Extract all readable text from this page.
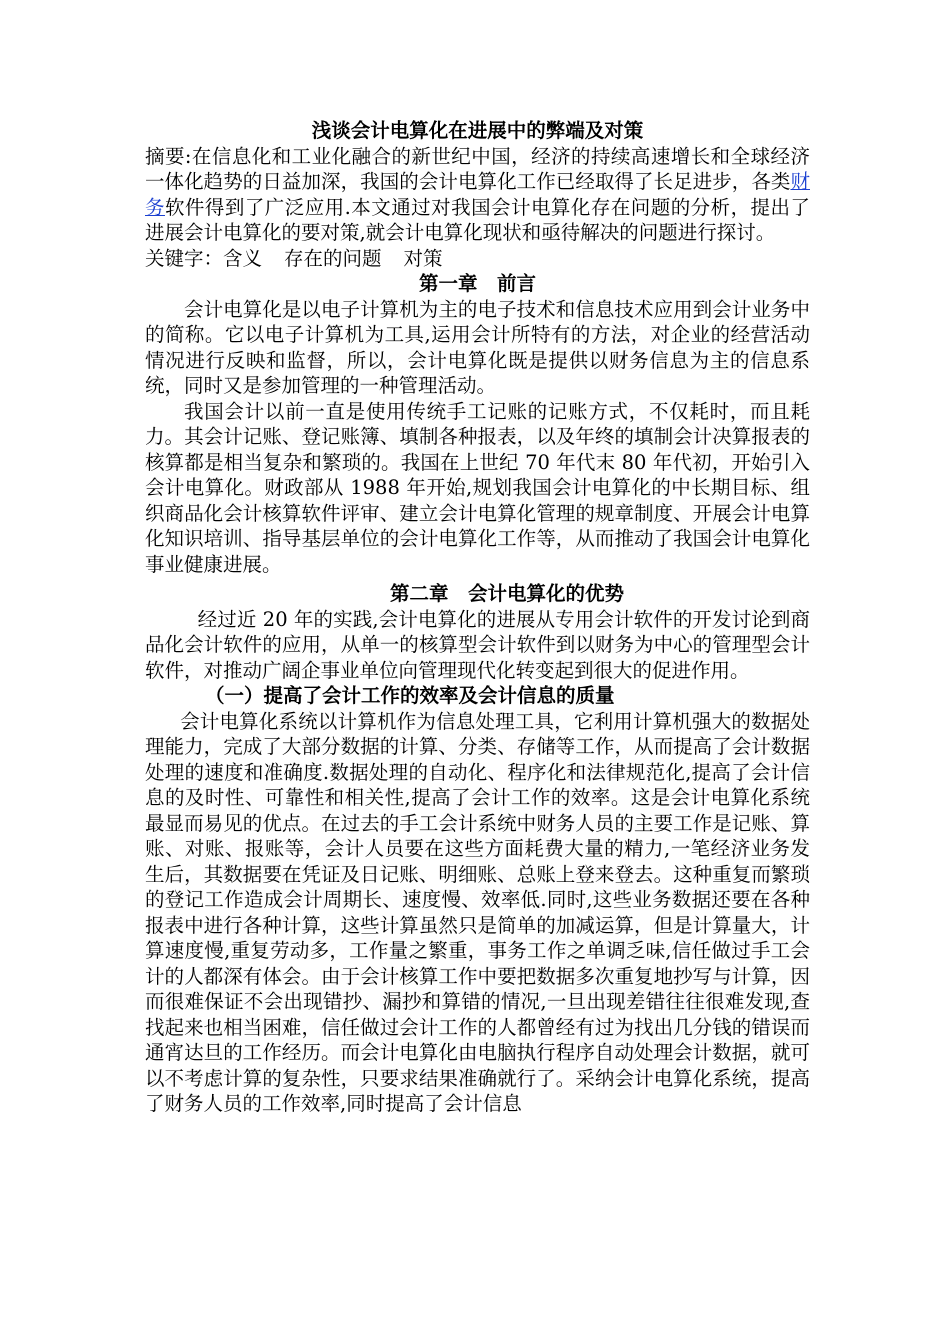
浅谈会计电算化在进展中的弊端及对策

摘要:在信息化和工业化融合的新世纪中国，经济的持续高速增长和全球经济一体化趋势的日益加深，我国的会计电算化工作已经取得了长足进步，各类财务软件得到了广泛应用.本文通过对我国会计电算化存在问题的分析，提出了进展会计电算化的要对策,就会计电算化现状和亟待解决的问题进行探讨。

关键字：含义 存在的问题 对策

第一章　前言

会计电算化是以电子计算机为主的电子技术和信息技术应用到会计业务中的简称。它以电子计算机为工具,运用会计所特有的方法，对企业的经营活动情况进行反映和监督，所以，会计电算化既是提供以财务信息为主的信息系统，同时又是参加管理的一种管理活动。

我国会计以前一直是使用传统手工记账的记账方式，不仅耗时，而且耗力。其会计记账、登记账簿、填制各种报表，以及年终的填制会计决算报表的核算都是相当复杂和繁琐的。我国在上世纪 70 年代末 80 年代初，开始引入会计电算化。财政部从 1988 年开始,规划我国会计电算化的中长期目标、组织商品化会计核算软件评审、建立会计电算化管理的规章制度、开展会计电算化知识培训、指导基层单位的会计电算化工作等，从而推动了我国会计电算化事业健康进展。

第二章　会计电算化的优势

经过近 20 年的实践,会计电算化的进展从专用会计软件的开发讨论到商品化会计软件的应用，从单一的核算型会计软件到以财务为中心的管理型会计软件，对推动广阔企事业单位向管理现代化转变起到很大的促进作用。

（一）提高了会计工作的效率及会计信息的质量

会计电算化系统以计算机作为信息处理工具，它利用计算机强大的数据处理能力，完成了大部分数据的计算、分类、存储等工作，从而提高了会计数据处理的速度和准确度.数据处理的自动化、程序化和法律规范化,提高了会计信息的及时性、可靠性和相关性,提高了会计工作的效率。这是会计电算化系统最显而易见的优点。在过去的手工会计系统中财务人员的主要工作是记账、算账、对账、报账等，会计人员要在这些方面耗费大量的精力,一笔经济业务发生后，其数据要在凭证及日记账、明细账、总账上登来登去。这种重复而繁琐的登记工作造成会计周期长、速度慢、效率低.同时,这些业务数据还要在各种报表中进行各种计算，这些计算虽然只是简单的加减运算，但是计算量大，计算速度慢,重复劳动多，工作量之繁重，事务工作之单调乏味,信任做过手工会计的人都深有体会。由于会计核算工作中要把数据多次重复地抄写与计算，因而很难保证不会出现错抄、漏抄和算错的情况,一旦出现差错往往很难发现,查找起来也相当困难，信任做过会计工作的人都曾经有过为找出几分钱的错误而通宵达旦的工作经历。而会计电算化由电脑执行程序自动处理会计数据，就可以不考虑计算的复杂性，只要求结果准确就行了。采纳会计电算化系统，提高了财务人员的工作效率,同时提高了会计信息
